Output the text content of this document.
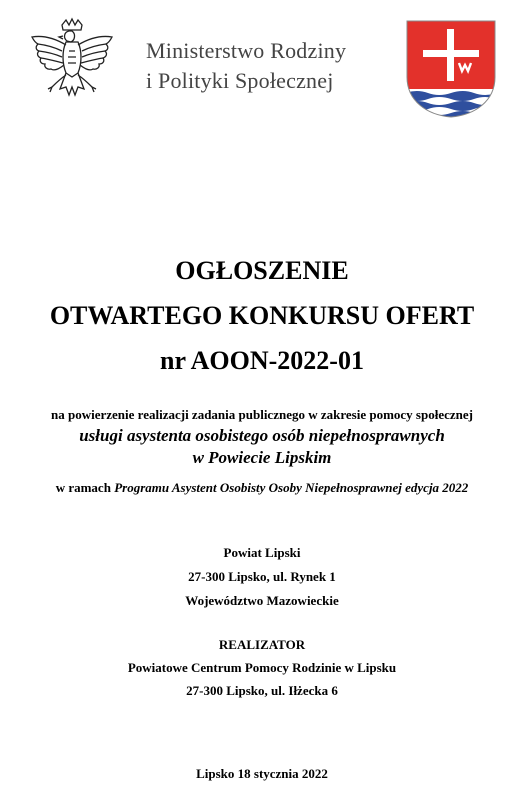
Ministerstwo Rodziny
i Polityki Społecznej
OGŁOSZENIE
OTWARTEGO KONKURSU OFERT
nr AOON-2022-01
na powierzenie realizacji zadania publicznego w zakresie pomocy społecznej
usługi asystenta osobistego osób niepełnosprawnych
w Powiecie Lipskim
w ramach Programu Asystent Osobisty Osoby Niepełnosprawnej edycja 2022
Powiat Lipski
27-300 Lipsko, ul. Rynek 1
Województwo Mazowieckie
REALIZATOR
Powiatowe Centrum Pomocy Rodzinie w Lipsku
27-300 Lipsko, ul. Iłżecka 6
Lipsko 18 stycznia 2022
